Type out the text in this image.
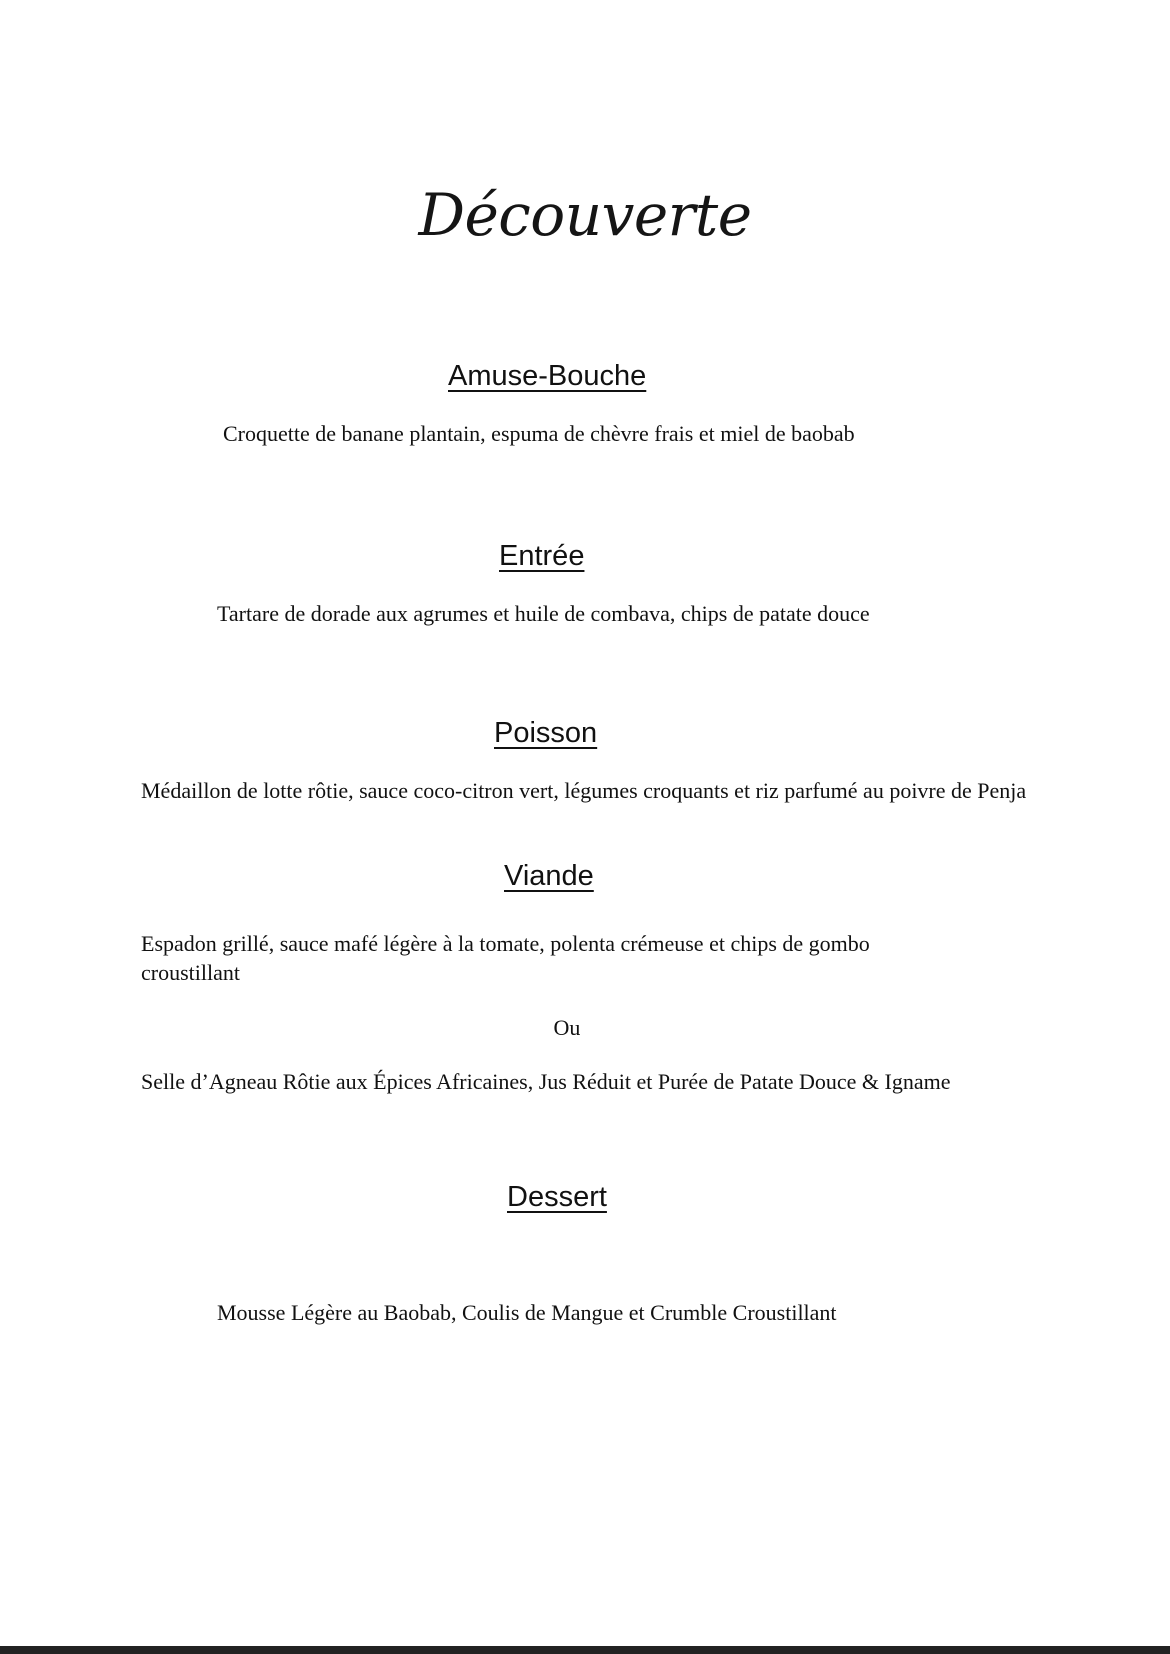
Découverte
Amuse-Bouche
Croquette de banane plantain, espuma de chèvre frais et miel de baobab
Entrée
Tartare de dorade aux agrumes et huile de combava, chips de patate douce
Poisson
Médaillon de lotte rôtie, sauce coco-citron vert, légumes croquants et riz parfumé au poivre de Penja
Viande
Espadon grillé, sauce mafé légère à la tomate, polenta crémeuse et chips de gombo croustillant
Ou
Selle d’Agneau Rôtie aux Épices Africaines, Jus Réduit et Purée de Patate Douce & Igname
Dessert
Mousse Légère au Baobab, Coulis de Mangue et Crumble Croustillant
